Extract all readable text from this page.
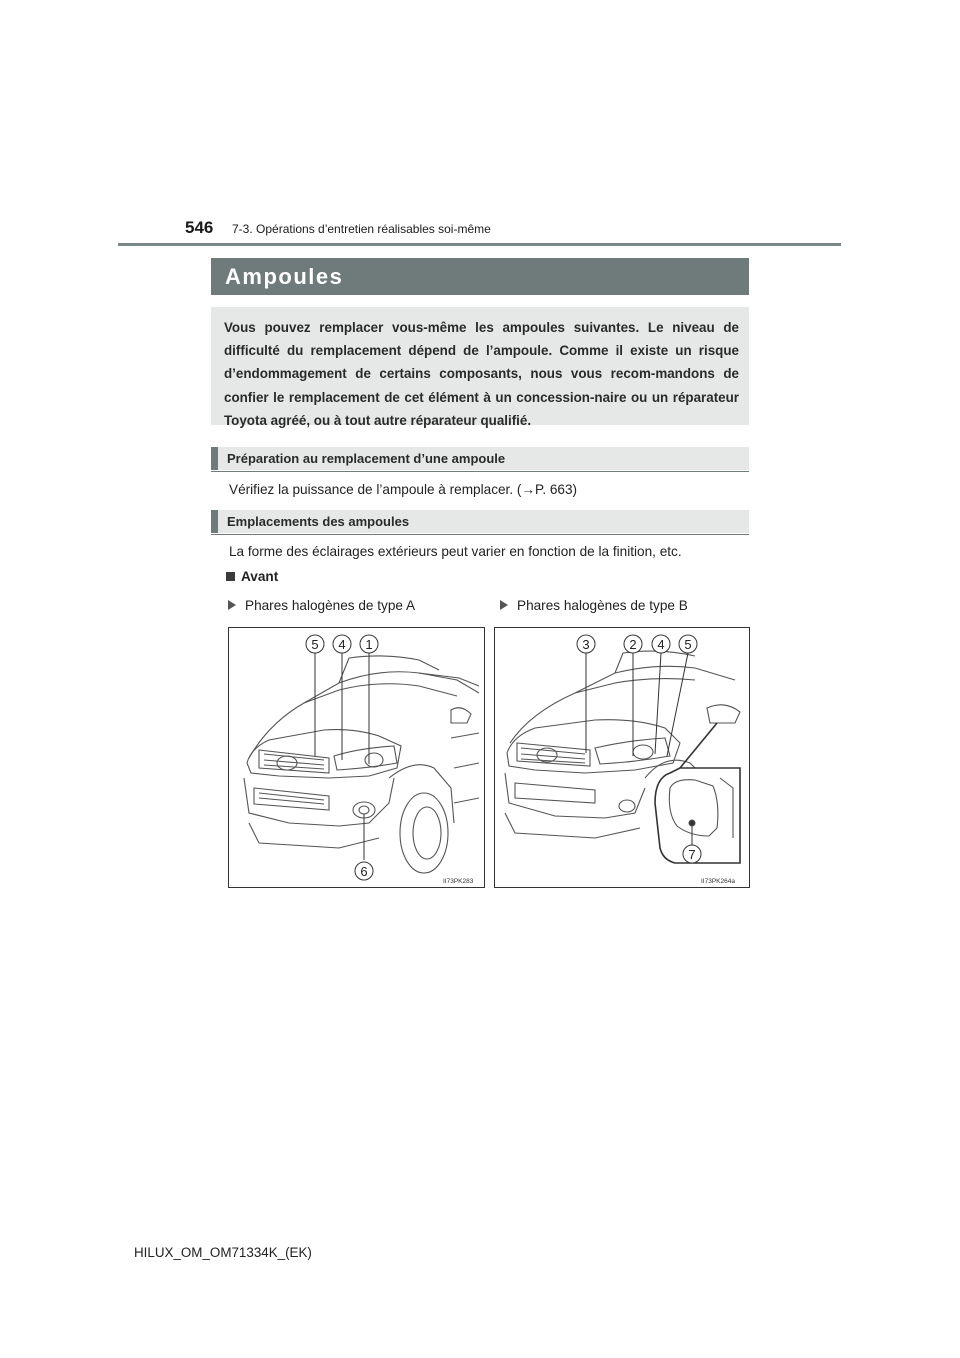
546 7-3. Opérations d’entretien réalisables soi-même
Ampoules
Vous pouvez remplacer vous-même les ampoules suivantes. Le niveau de difficulté du remplacement dépend de l’ampoule. Comme il existe un risque d’endommagement de certains composants, nous vous recom-mandons de confier le remplacement de cet élément à un concession-naire ou un réparateur Toyota agréé, ou à tout autre réparateur qualifié.
Préparation au remplacement d’une ampoule
Vérifiez la puissance de l’ampoule à remplacer. (→P. 663)
Emplacements des ampoules
La forme des éclairages extérieurs peut varier en fonction de la finition, etc.
Avant
Phares halogènes de type A	Phares halogènes de type B
5 4 1
6
II73PK283
3	2 4 5
7
II73PK264a
HILUX_OM_OM71334K_(EK)
